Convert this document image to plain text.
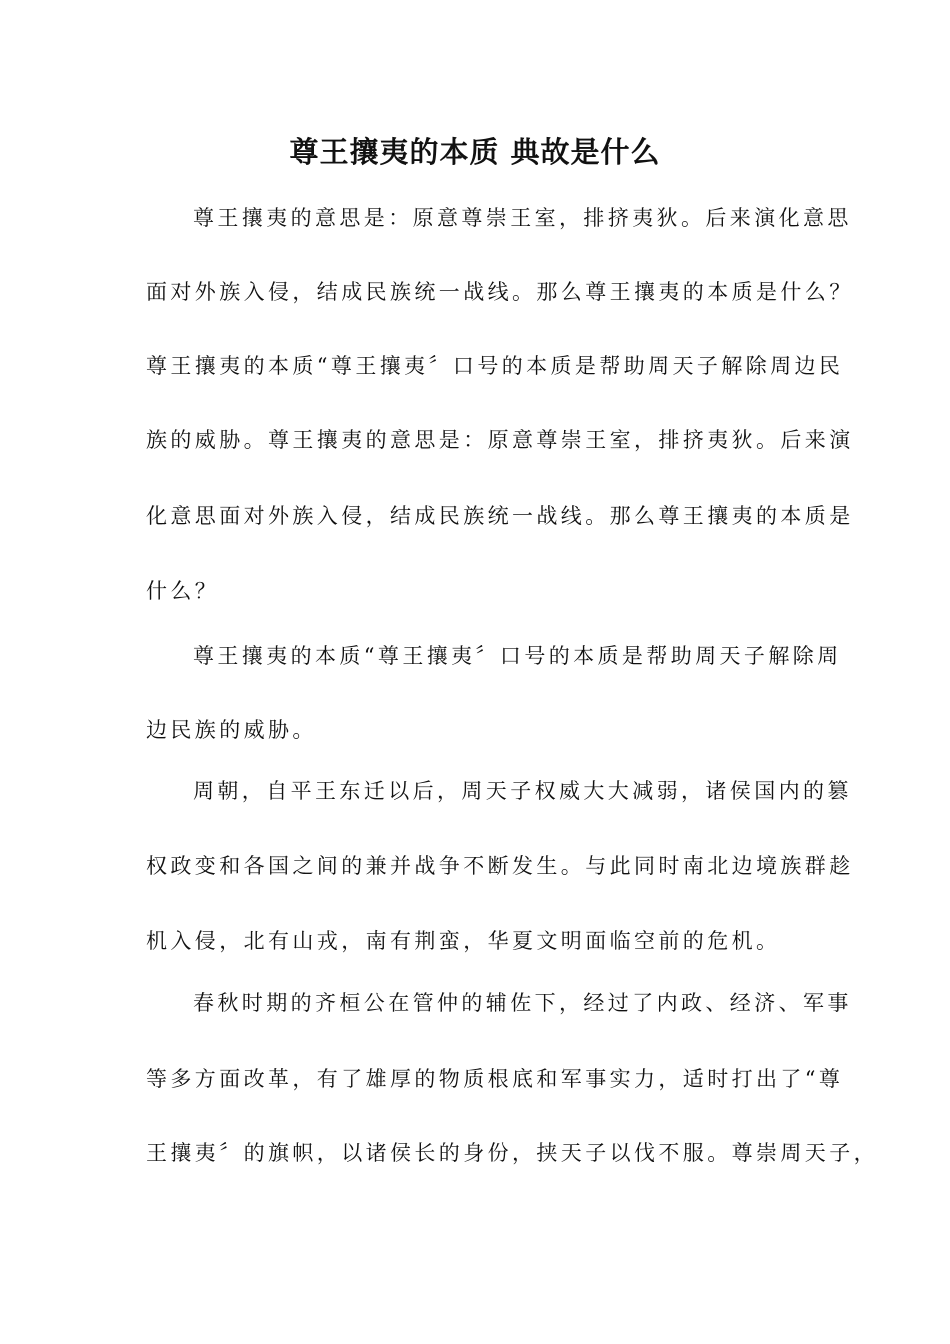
尊王攘夷的本质 典故是什么
尊王攘夷的意思是：原意尊崇王室，排挤夷狄。后来演化意思
面对外族入侵，结成民族统一战线。那么尊王攘夷的本质是什么？
尊王攘夷的本质“尊王攘夷〞口号的本质是帮助周天子解除周边民
族的威胁。尊王攘夷的意思是：原意尊崇王室，排挤夷狄。后来演
化意思面对外族入侵，结成民族统一战线。那么尊王攘夷的本质是
什么？
尊王攘夷的本质“尊王攘夷〞口号的本质是帮助周天子解除周
边民族的威胁。
周朝，自平王东迁以后，周天子权威大大减弱，诸侯国内的篡
权政变和各国之间的兼并战争不断发生。与此同时南北边境族群趁
机入侵，北有山戎，南有荆蛮，华夏文明面临空前的危机。
春秋时期的齐桓公在管仲的辅佐下，经过了内政、经济、军事
等多方面改革，有了雄厚的物质根底和军事实力，适时打出了“尊
王攘夷〞的旗帜，以诸侯长的身份，挟天子以伐不服。尊崇周天子，
